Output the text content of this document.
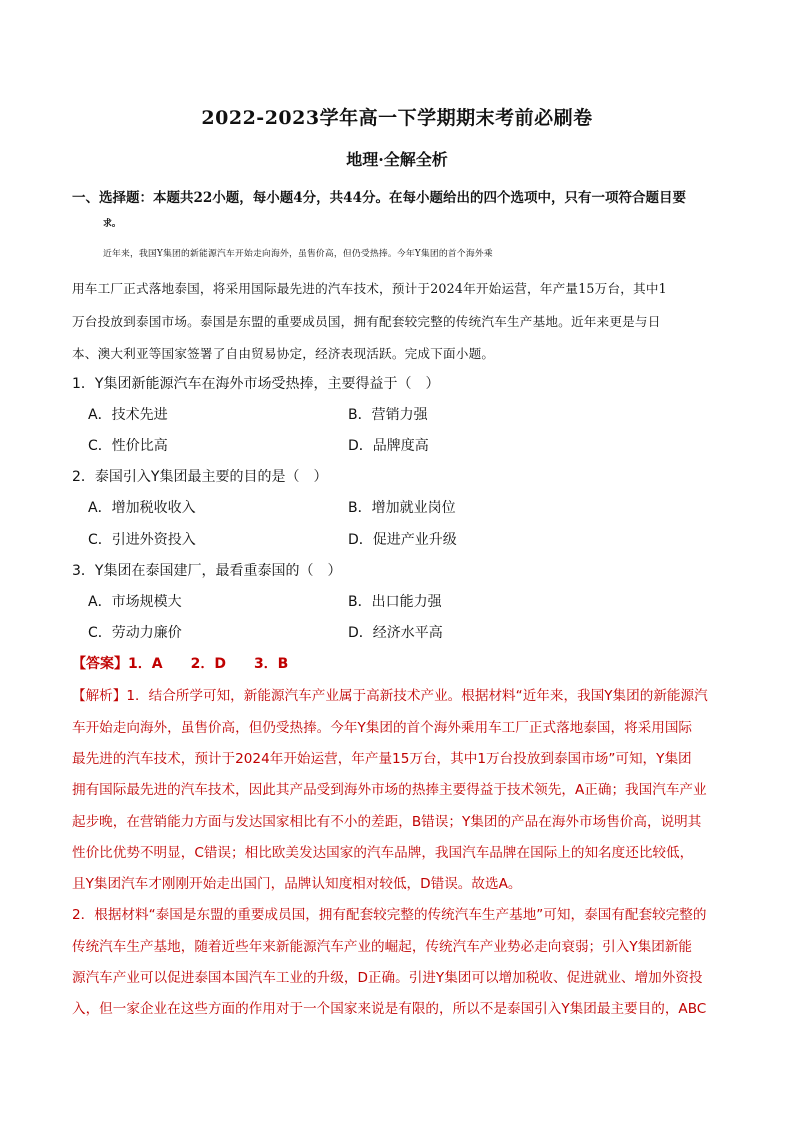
2022-2023学年高一下学期期末考前必刷卷
地理·全解全析
一、选择题：本题共22小题，每小题4分，共44分。在每小题给出的四个选项中，只有一项符合题目要
求。
近年来，我国Y集团的新能源汽车开始走向海外，虽售价高，但仍受热捧。今年Y集团的首个海外乘
用车工厂正式落地泰国，将采用国际最先进的汽车技术，预计于2024年开始运营，年产量15万台，其中1
万台投放到泰国市场。泰国是东盟的重要成员国，拥有配套较完整的传统汽车生产基地。近年来更是与日
本、澳大利亚等国家签署了自由贸易协定，经济表现活跃。完成下面小题。
1．Y集团新能源汽车在海外市场受热捧，主要得益于（　）
A．技术先进	B．营销力强
C．性价比高	D．品牌度高
2．泰国引入Y集团最主要的目的是（　）
A．增加税收收入	B．增加就业岗位
C．引进外资投入	D．促进产业升级
3．Y集团在泰国建厂，最看重泰国的（　）
A．市场规模大	B．出口能力强
C．劳动力廉价	D．经济水平高
【答案】1．A　　2．D　　3．B
【解析】1．结合所学可知，新能源汽车产业属于高新技术产业。根据材料“近年来，我国Y集团的新能源汽
车开始走向海外，虽售价高，但仍受热捧。今年Y集团的首个海外乘用车工厂正式落地泰国，将采用国际
最先进的汽车技术，预计于2024年开始运营，年产量15万台，其中1万台投放到泰国市场”可知，Y集团
拥有国际最先进的汽车技术，因此其产品受到海外市场的热捧主要得益于技术领先，A正确；我国汽车产业
起步晚，在营销能力方面与发达国家相比有不小的差距，B错误；Y集团的产品在海外市场售价高，说明其
性价比优势不明显，C错误；相比欧美发达国家的汽车品牌，我国汽车品牌在国际上的知名度还比较低，
且Y集团汽车才刚刚开始走出国门，品牌认知度相对较低，D错误。故选A。
2．根据材料“泰国是东盟的重要成员国，拥有配套较完整的传统汽车生产基地”可知，泰国有配套较完整的
传统汽车生产基地，随着近些年来新能源汽车产业的崛起，传统汽车产业势必走向衰弱；引入Y集团新能
源汽车产业可以促进泰国本国汽车工业的升级，D正确。引进Y集团可以增加税收、促进就业、增加外资投
入，但一家企业在这些方面的作用对于一个国家来说是有限的，所以不是泰国引入Y集团最主要目的，ABC
